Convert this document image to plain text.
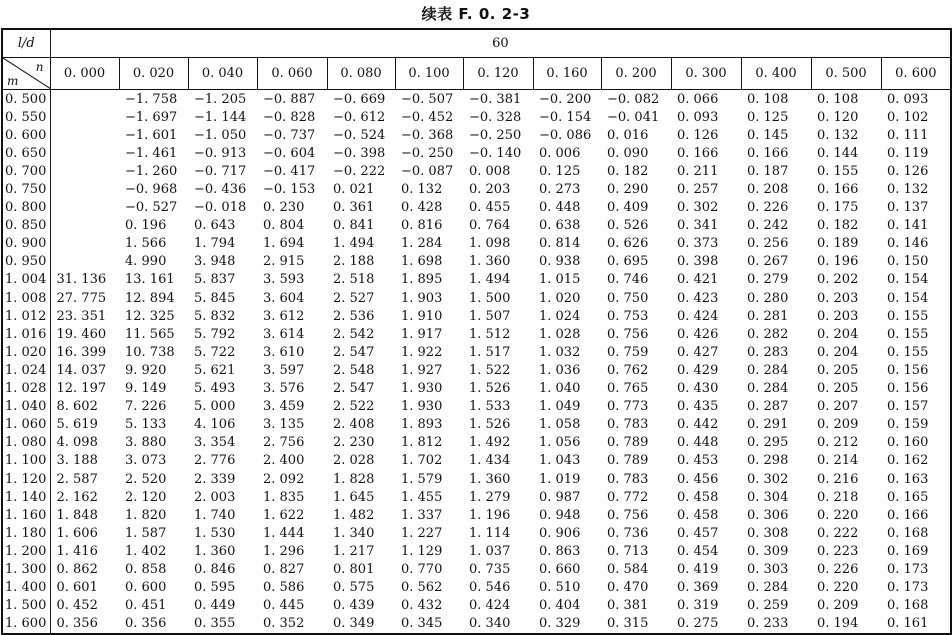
续表 F. 0. 2-3
l/d	60												

n
m	0. 000	0. 020	0. 040	0. 060	0. 080	0. 100	0. 120	0. 160	0. 200	0. 300	0. 400	0. 500	0. 600
0. 500		−1. 758	−1. 205	−0. 887	−0. 669	−0. 507	−0. 381	−0. 200	−0. 082	0. 066	0. 108	0. 108	0. 093
0. 550		−1. 697	−1. 144	−0. 828	−0. 612	−0. 452	−0. 328	−0. 154	−0. 041	0. 093	0. 125	0. 120	0. 102
0. 600		−1. 601	−1. 050	−0. 737	−0. 524	−0. 368	−0. 250	−0. 086	0. 016	0. 126	0. 145	0. 132	0. 111
0. 650		−1. 461	−0. 913	−0. 604	−0. 398	−0. 250	−0. 140	0. 006	0. 090	0. 166	0. 166	0. 144	0. 119
0. 700		−1. 260	−0. 717	−0. 417	−0. 222	−0. 087	0. 008	0. 125	0. 182	0. 211	0. 187	0. 155	0. 126
0. 750		−0. 968	−0. 436	−0. 153	0. 021	0. 132	0. 203	0. 273	0. 290	0. 257	0. 208	0. 166	0. 132
0. 800		−0. 527	−0. 018	0. 230	0. 361	0. 428	0. 455	0. 448	0. 409	0. 302	0. 226	0. 175	0. 137
0. 850		0. 196	0. 643	0. 804	0. 841	0. 816	0. 764	0. 638	0. 526	0. 341	0. 242	0. 182	0. 141
0. 900		1. 566	1. 794	1. 694	1. 494	1. 284	1. 098	0. 814	0. 626	0. 373	0. 256	0. 189	0. 146
0. 950		4. 990	3. 948	2. 915	2. 188	1. 698	1. 360	0. 938	0. 695	0. 398	0. 267	0. 196	0. 150
1. 004	31. 136	13. 161	5. 837	3. 593	2. 518	1. 895	1. 494	1. 015	0. 746	0. 421	0. 279	0. 202	0. 154
1. 008	27. 775	12. 894	5. 845	3. 604	2. 527	1. 903	1. 500	1. 020	0. 750	0. 423	0. 280	0. 203	0. 154
1. 012	23. 351	12. 325	5. 832	3. 612	2. 536	1. 910	1. 507	1. 024	0. 753	0. 424	0. 281	0. 203	0. 155
1. 016	19. 460	11. 565	5. 792	3. 614	2. 542	1. 917	1. 512	1. 028	0. 756	0. 426	0. 282	0. 204	0. 155
1. 020	16. 399	10. 738	5. 722	3. 610	2. 547	1. 922	1. 517	1. 032	0. 759	0. 427	0. 283	0. 204	0. 155
1. 024	14. 037	9. 920	5. 621	3. 597	2. 548	1. 927	1. 522	1. 036	0. 762	0. 429	0. 284	0. 205	0. 156
1. 028	12. 197	9. 149	5. 493	3. 576	2. 547	1. 930	1. 526	1. 040	0. 765	0. 430	0. 284	0. 205	0. 156
1. 040	8. 602	7. 226	5. 000	3. 459	2. 522	1. 930	1. 533	1. 049	0. 773	0. 435	0. 287	0. 207	0. 157
1. 060	5. 619	5. 133	4. 106	3. 135	2. 408	1. 893	1. 526	1. 058	0. 783	0. 442	0. 291	0. 209	0. 159
1. 080	4. 098	3. 880	3. 354	2. 756	2. 230	1. 812	1. 492	1. 056	0. 789	0. 448	0. 295	0. 212	0. 160
1. 100	3. 188	3. 073	2. 776	2. 400	2. 028	1. 702	1. 434	1. 043	0. 789	0. 453	0. 298	0. 214	0. 162
1. 120	2. 587	2. 520	2. 339	2. 092	1. 828	1. 579	1. 360	1. 019	0. 783	0. 456	0. 302	0. 216	0. 163
1. 140	2. 162	2. 120	2. 003	1. 835	1. 645	1. 455	1. 279	0. 987	0. 772	0. 458	0. 304	0. 218	0. 165
1. 160	1. 848	1. 820	1. 740	1. 622	1. 482	1. 337	1. 196	0. 948	0. 756	0. 458	0. 306	0. 220	0. 166
1. 180	1. 606	1. 587	1. 530	1. 444	1. 340	1. 227	1. 114	0. 906	0. 736	0. 457	0. 308	0. 222	0. 168
1. 200	1. 416	1. 402	1. 360	1. 296	1. 217	1. 129	1. 037	0. 863	0. 713	0. 454	0. 309	0. 223	0. 169
1. 300	0. 862	0. 858	0. 846	0. 827	0. 801	0. 770	0. 735	0. 660	0. 584	0. 419	0. 303	0. 226	0. 173
1. 400	0. 601	0. 600	0. 595	0. 586	0. 575	0. 562	0. 546	0. 510	0. 470	0. 369	0. 284	0. 220	0. 173
1. 500	0. 452	0. 451	0. 449	0. 445	0. 439	0. 432	0. 424	0. 404	0. 381	0. 319	0. 259	0. 209	0. 168
1. 600	0. 356	0. 356	0. 355	0. 352	0. 349	0. 345	0. 340	0. 329	0. 315	0. 275	0. 233	0. 194	0. 161
